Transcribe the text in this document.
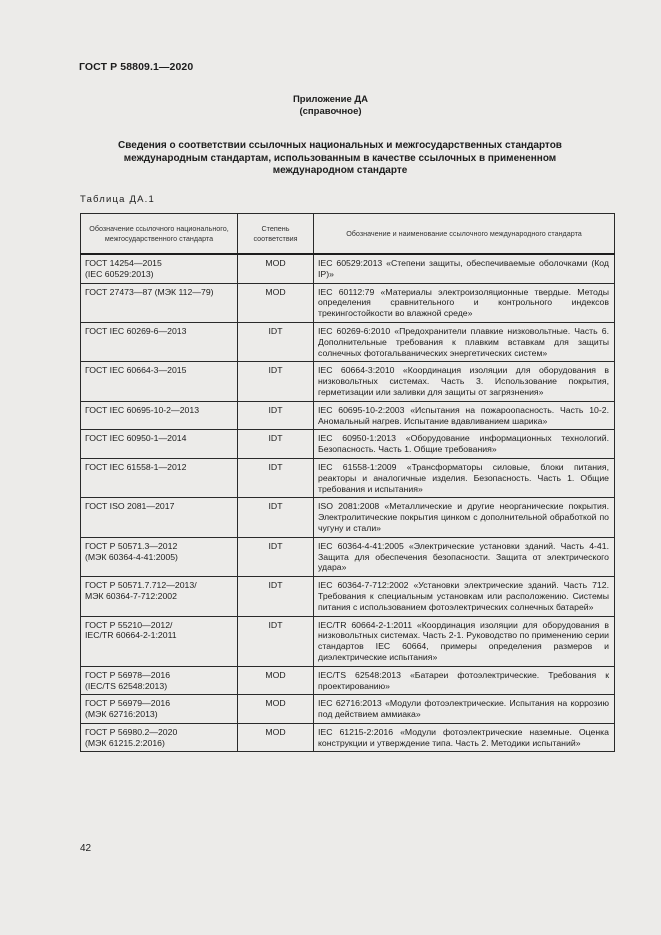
ГОСТ Р 58809.1—2020
Приложение ДА
(справочное)
Сведения о соответствии ссылочных национальных и межгосударственных стандартов международным стандартам, использованным в качестве ссылочных в примененном международном стандарте
Таблица ДА.1
Обозначение ссылочного национального, межгосударственного стандарта	Степень соответствия	Обозначение и наименование ссылочного международного стандарта
ГОСТ 14254—2015
(IEC 60529:2013)	MOD	IEC 60529:2013 «Степени защиты, обеспечиваемые оболочками (Код IP)»
ГОСТ 27473—87 (МЭК 112—79)	MOD	IEC 60112:79 «Материалы электроизоляционные твердые. Методы определения сравнительного и контрольного индексов трекингостойкости во влажной среде»
ГОСТ IEC 60269-6—2013	IDT	IEC 60269-6:2010 «Предохранители плавкие низковольтные. Часть 6. Дополнительные требования к плавким вставкам для защиты солнечных фотогальванических энергетических систем»
ГОСТ IEC 60664-3—2015	IDT	IEC 60664-3:2010 «Координация изоляции для оборудования в низковольтных системах. Часть 3. Использование покрытия, герметизации или заливки для защиты от загрязнения»
ГОСТ IEC 60695-10-2—2013	IDT	IEC 60695-10-2:2003 «Испытания на пожароопасность. Часть 10-2. Аномальный нагрев. Испытание вдавливанием шарика»
ГОСТ IEC 60950-1—2014	IDT	IEC 60950-1:2013 «Оборудование информационных технологий. Безопасность. Часть 1. Общие требования»
ГОСТ IEC 61558-1—2012	IDT	IEC 61558-1:2009 «Трансформаторы силовые, блоки питания, реакторы и аналогичные изделия. Безопасность. Часть 1. Общие требования и испытания»
ГОСТ ISO 2081—2017	IDT	ISO 2081:2008 «Металлические и другие неорганические покрытия. Электролитические покрытия цинком с дополнительной обработкой по чугуну и стали»
ГОСТ Р 50571.3—2012
(МЭК 60364-4-41:2005)	IDT	IEC 60364-4-41:2005 «Электрические установки зданий. Часть 4-41. Защита для обеспечения безопасности. Защита от электрического удара»
ГОСТ Р 50571.7.712—2013/
МЭК 60364-7-712:2002	IDT	IEC 60364-7-712:2002 «Установки электрические зданий. Часть 712. Требования к специальным установкам или расположению. Системы питания с использованием фотоэлектрических солнечных батарей»
ГОСТ Р 55210—2012/
IEC/TR 60664-2-1:2011	IDT	IEC/TR 60664-2-1:2011 «Координация изоляции для оборудования в низковольтных системах. Часть 2-1. Руководство по применению серии стандартов IEC 60664, примеры определения размеров и диэлектрические испытания»
ГОСТ Р 56978—2016
(IEC/TS 62548:2013)	MOD	IEC/TS 62548:2013 «Батареи фотоэлектрические. Требования к проектированию»
ГОСТ Р 56979—2016
(МЭК 62716:2013)	MOD	IEC 62716:2013 «Модули фотоэлектрические. Испытания на коррозию под действием аммиака»
ГОСТ Р 56980.2—2020
(МЭК 61215.2:2016)	MOD	IEC 61215-2:2016 «Модули фотоэлектрические наземные. Оценка конструкции и утверждение типа. Часть 2. Методики испытаний»
42
